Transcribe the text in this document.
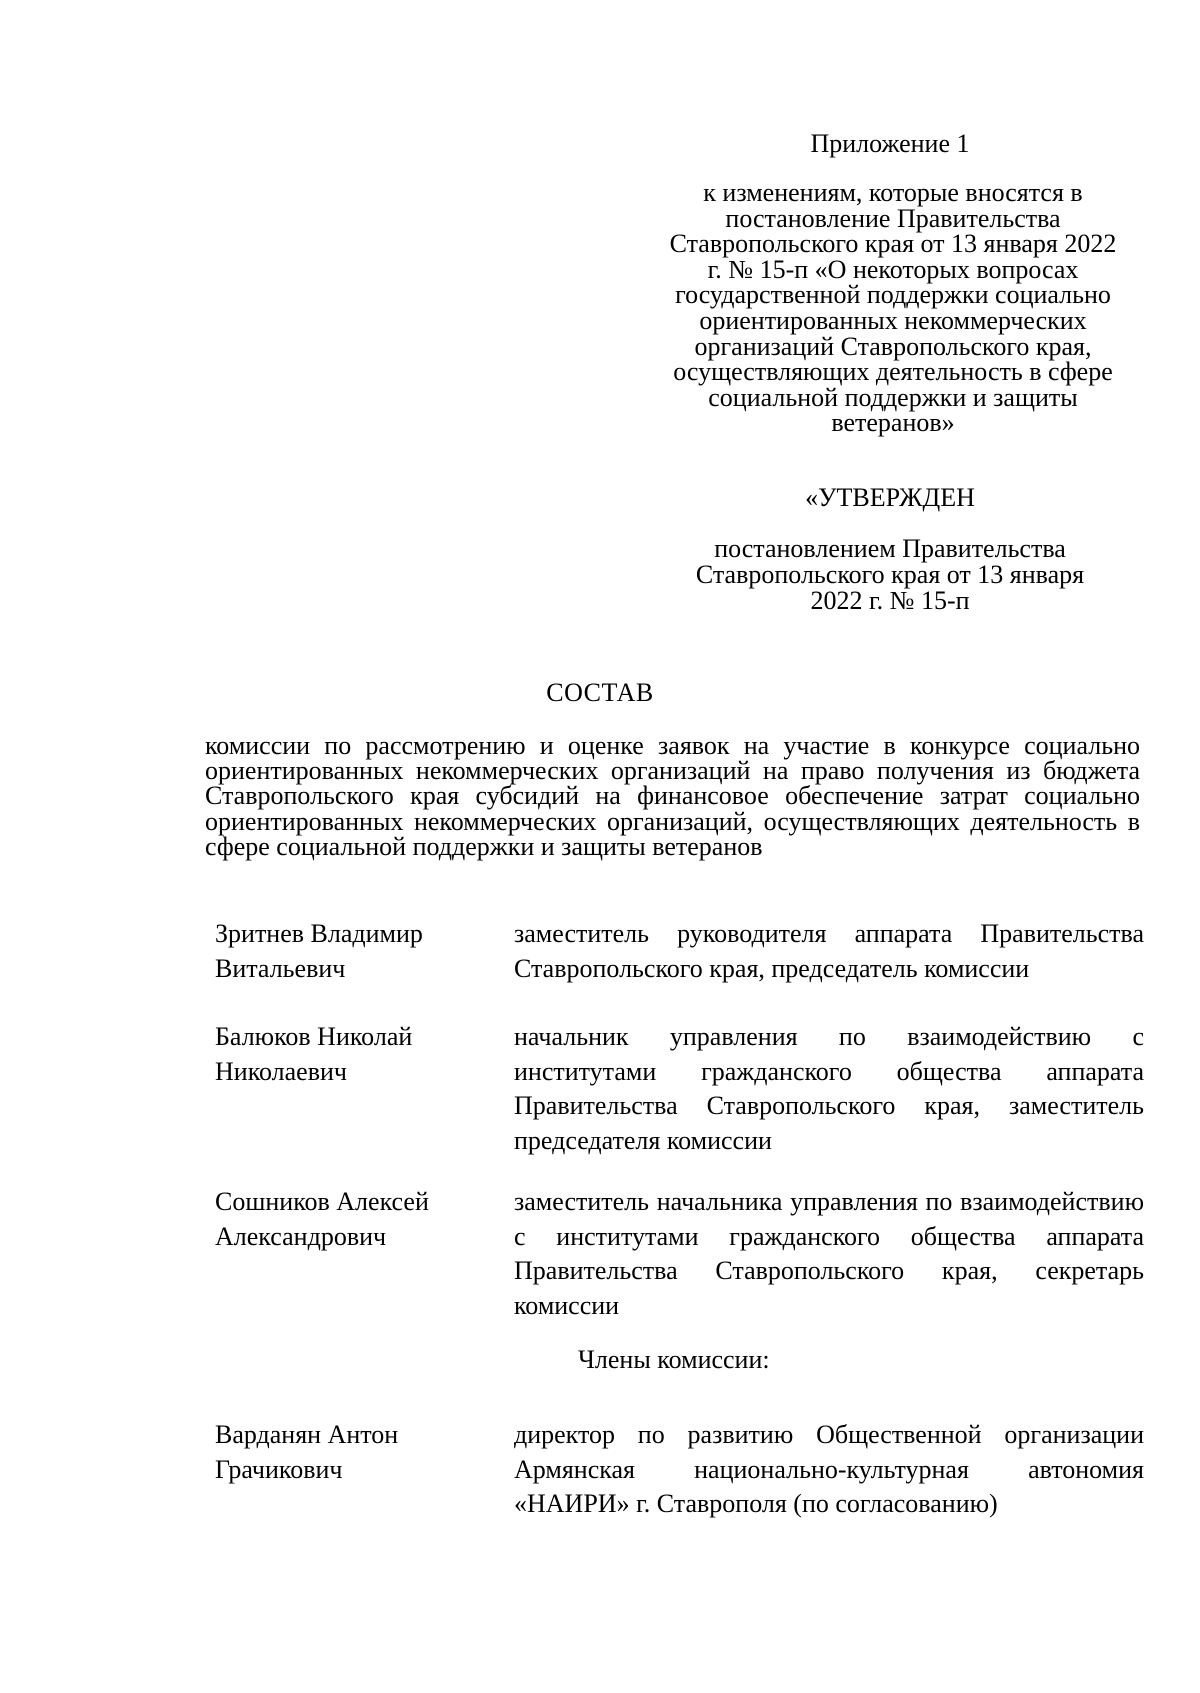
Приложение 1
к изменениям, которые вносятся в постановление Правительства Ставропольского края от 13 января 2022 г. № 15-п «О некоторых вопросах государственной поддержки социально ориентированных некоммерческих организаций Ставропольского края, осуществляющих деятельность в сфере социальной поддержки и защиты ветеранов»
«УТВЕРЖДЕН
постановлением Правительства Ставропольского края от 13 января 2022 г. № 15-п
СОСТАВ
комиссии по рассмотрению и оценке заявок на участие в конкурсе социально ориентированных некоммерческих организаций на право получения из бюджета Ставропольского края субсидий на финансовое обеспечение затрат социально ориентированных некоммерческих организаций, осуществляющих деятельность в сфере социальной поддержки и защиты ветеранов
Зритнев Владимир Витальевич
заместитель руководителя аппарата Правительства Ставропольского края, председатель комиссии
Балюков Николай Николаевич
начальник управления по взаимодействию с институтами гражданского общества аппарата Правительства Ставропольского края, заместитель председателя комиссии
Сошников Алексей Александрович
заместитель начальника управления по взаимодействию с институтами гражданского общества аппарата Правительства Ставропольского края, секретарь комиссии
Члены комиссии:
Варданян Антон Грачикович
директор по развитию Общественной организации Армянская национально-культурная автономия «НАИРИ» г. Ставрополя (по согласованию)
